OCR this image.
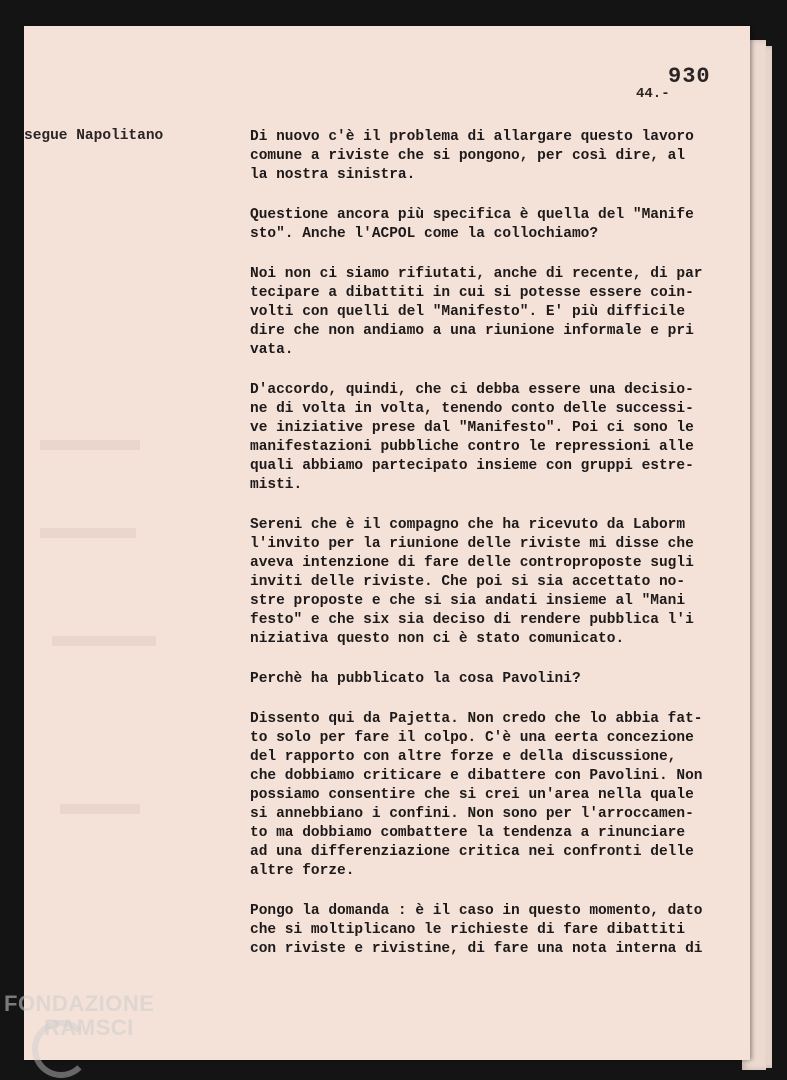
930
44.-
segue Napolitano	Di nuovo c'è il problema di allargare questo lavoro
comune a riviste che si pongono, per così dire, al
la nostra sinistra.

Questione ancora più specifica è quella del "Manife
sto". Anche l'ACPOL come la collochiamo?

Noi non ci siamo rifiutati, anche di recente, di par
tecipare a dibattiti in cui si potesse essere coin-
volti con quelli del "Manifesto". E' più difficile
dire che non andiamo a una riunione informale e pri
vata.

D'accordo, quindi, che ci debba essere una decisio-
ne di volta in volta, tenendo conto delle successi-
ve iniziative prese dal "Manifesto". Poi ci sono le
manifestazioni pubbliche contro le repressioni alle
quali abbiamo partecipato insieme con gruppi estre-
misti.

Sereni che è il compagno che ha ricevuto da Laborm
l'invito per la riunione delle riviste mi disse che
aveva intenzione di fare delle controproposte sugli
inviti delle riviste. Che poi si sia accettato no-
stre proposte e che si sia andati insieme al "Mani
festo" e che six sia deciso di rendere pubblica l'i
niziativa questo non ci è stato comunicato.

Perchè ha pubblicato la cosa Pavolini?

Dissento qui da Pajetta. Non credo che lo abbia fat-
to solo per fare il colpo. C'è una eerta concezione
del rapporto con altre forze e della discussione,
che dobbiamo criticare e dibattere con Pavolini. Non
possiamo consentire che si crei un'area nella quale
si annebbiano i confini. Non sono per l'arroccamen-
to ma dobbiamo combattere la tendenza a rinunciare
ad una differenziazione critica nei confronti delle
altre forze.

Pongo la domanda : è il caso in questo momento, dato
che si moltiplicano le richieste di fare dibattiti
con riviste e rivistine, di fare una nota interna di

FONDAZIONE
RAMSCI
